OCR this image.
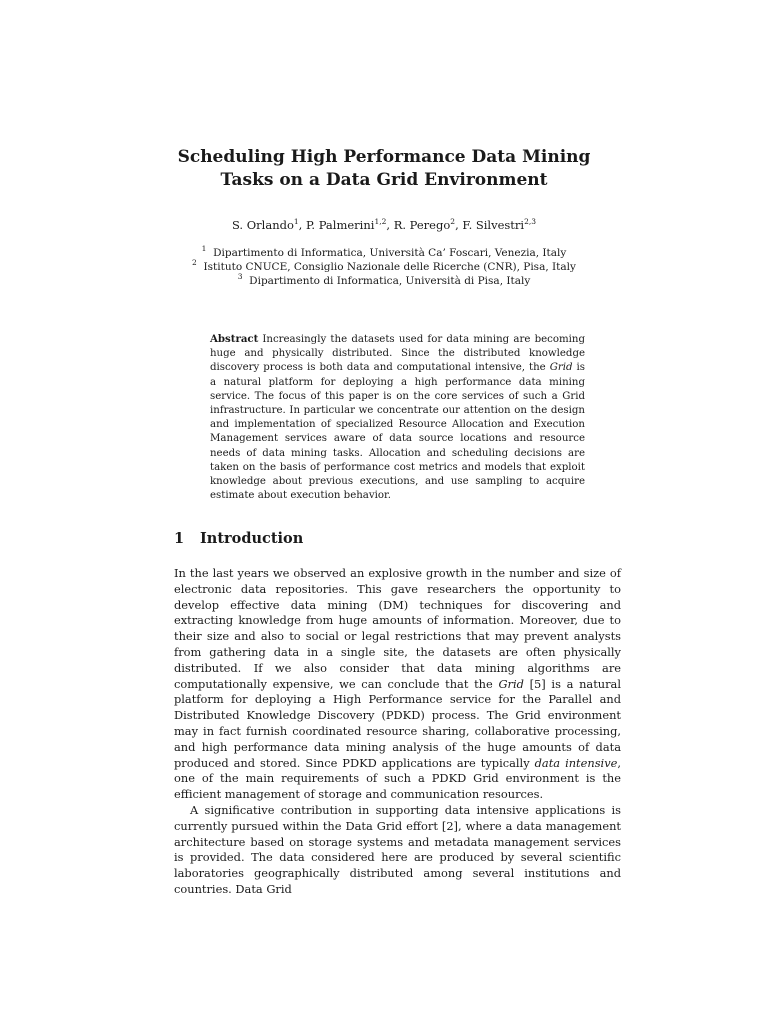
Scheduling High Performance Data Mining
Tasks on a Data Grid Environment
S. Orlando$^1$, P. Palmerini$^{1,2}$, R. Perego$^2$, F. Silvestri$^{2,3}$
$^1$ Dipartimento di Informatica, Università Ca’ Foscari, Venezia, Italy
$^2$ Istituto CNUCE, Consiglio Nazionale delle Ricerche (CNR), Pisa, Italy
$^3$ Dipartimento di Informatica, Università di Pisa, Italy
Abstract Increasingly the datasets used for data mining are becoming huge and physically distributed. Since the distributed knowledge discovery process is both data and computational intensive, the Grid is a natural platform for deploying a high performance data mining service. The focus of this paper is on the core services of such a Grid infrastructure. In particular we concentrate our attention on the design and implementation of specialized Resource Allocation and Execution Management services aware of data source locations and resource needs of data mining tasks. Allocation and scheduling decisions are taken on the basis of performance cost metrics and models that exploit knowledge about previous executions, and use sampling to acquire estimate about execution behavior.
1 Introduction

In the last years we observed an explosive growth in the number and size of electronic data repositories. This gave researchers the opportunity to develop effective data mining (DM) techniques for discovering and extracting knowledge from huge amounts of information. Moreover, due to their size and also to social or legal restrictions that may prevent analysts from gathering data in a single site, the datasets are often physically distributed. If we also consider that data mining algorithms are computationally expensive, we can conclude that the Grid [5] is a natural platform for deploying a High Performance service for the Parallel and Distributed Knowledge Discovery (PDKD) process. The Grid environment may in fact furnish coordinated resource sharing, collaborative processing, and high performance data mining analysis of the huge amounts of data produced and stored. Since PDKD applications are typically data intensive, one of the main requirements of such a PDKD Grid environment is the efficient management of storage and communication resources.

A significative contribution in supporting data intensive applications is currently pursued within the Data Grid effort [2], where a data management architecture based on storage systems and metadata management services is provided. The data considered here are produced by several scientific laboratories geographically distributed among several institutions and countries. Data Grid
